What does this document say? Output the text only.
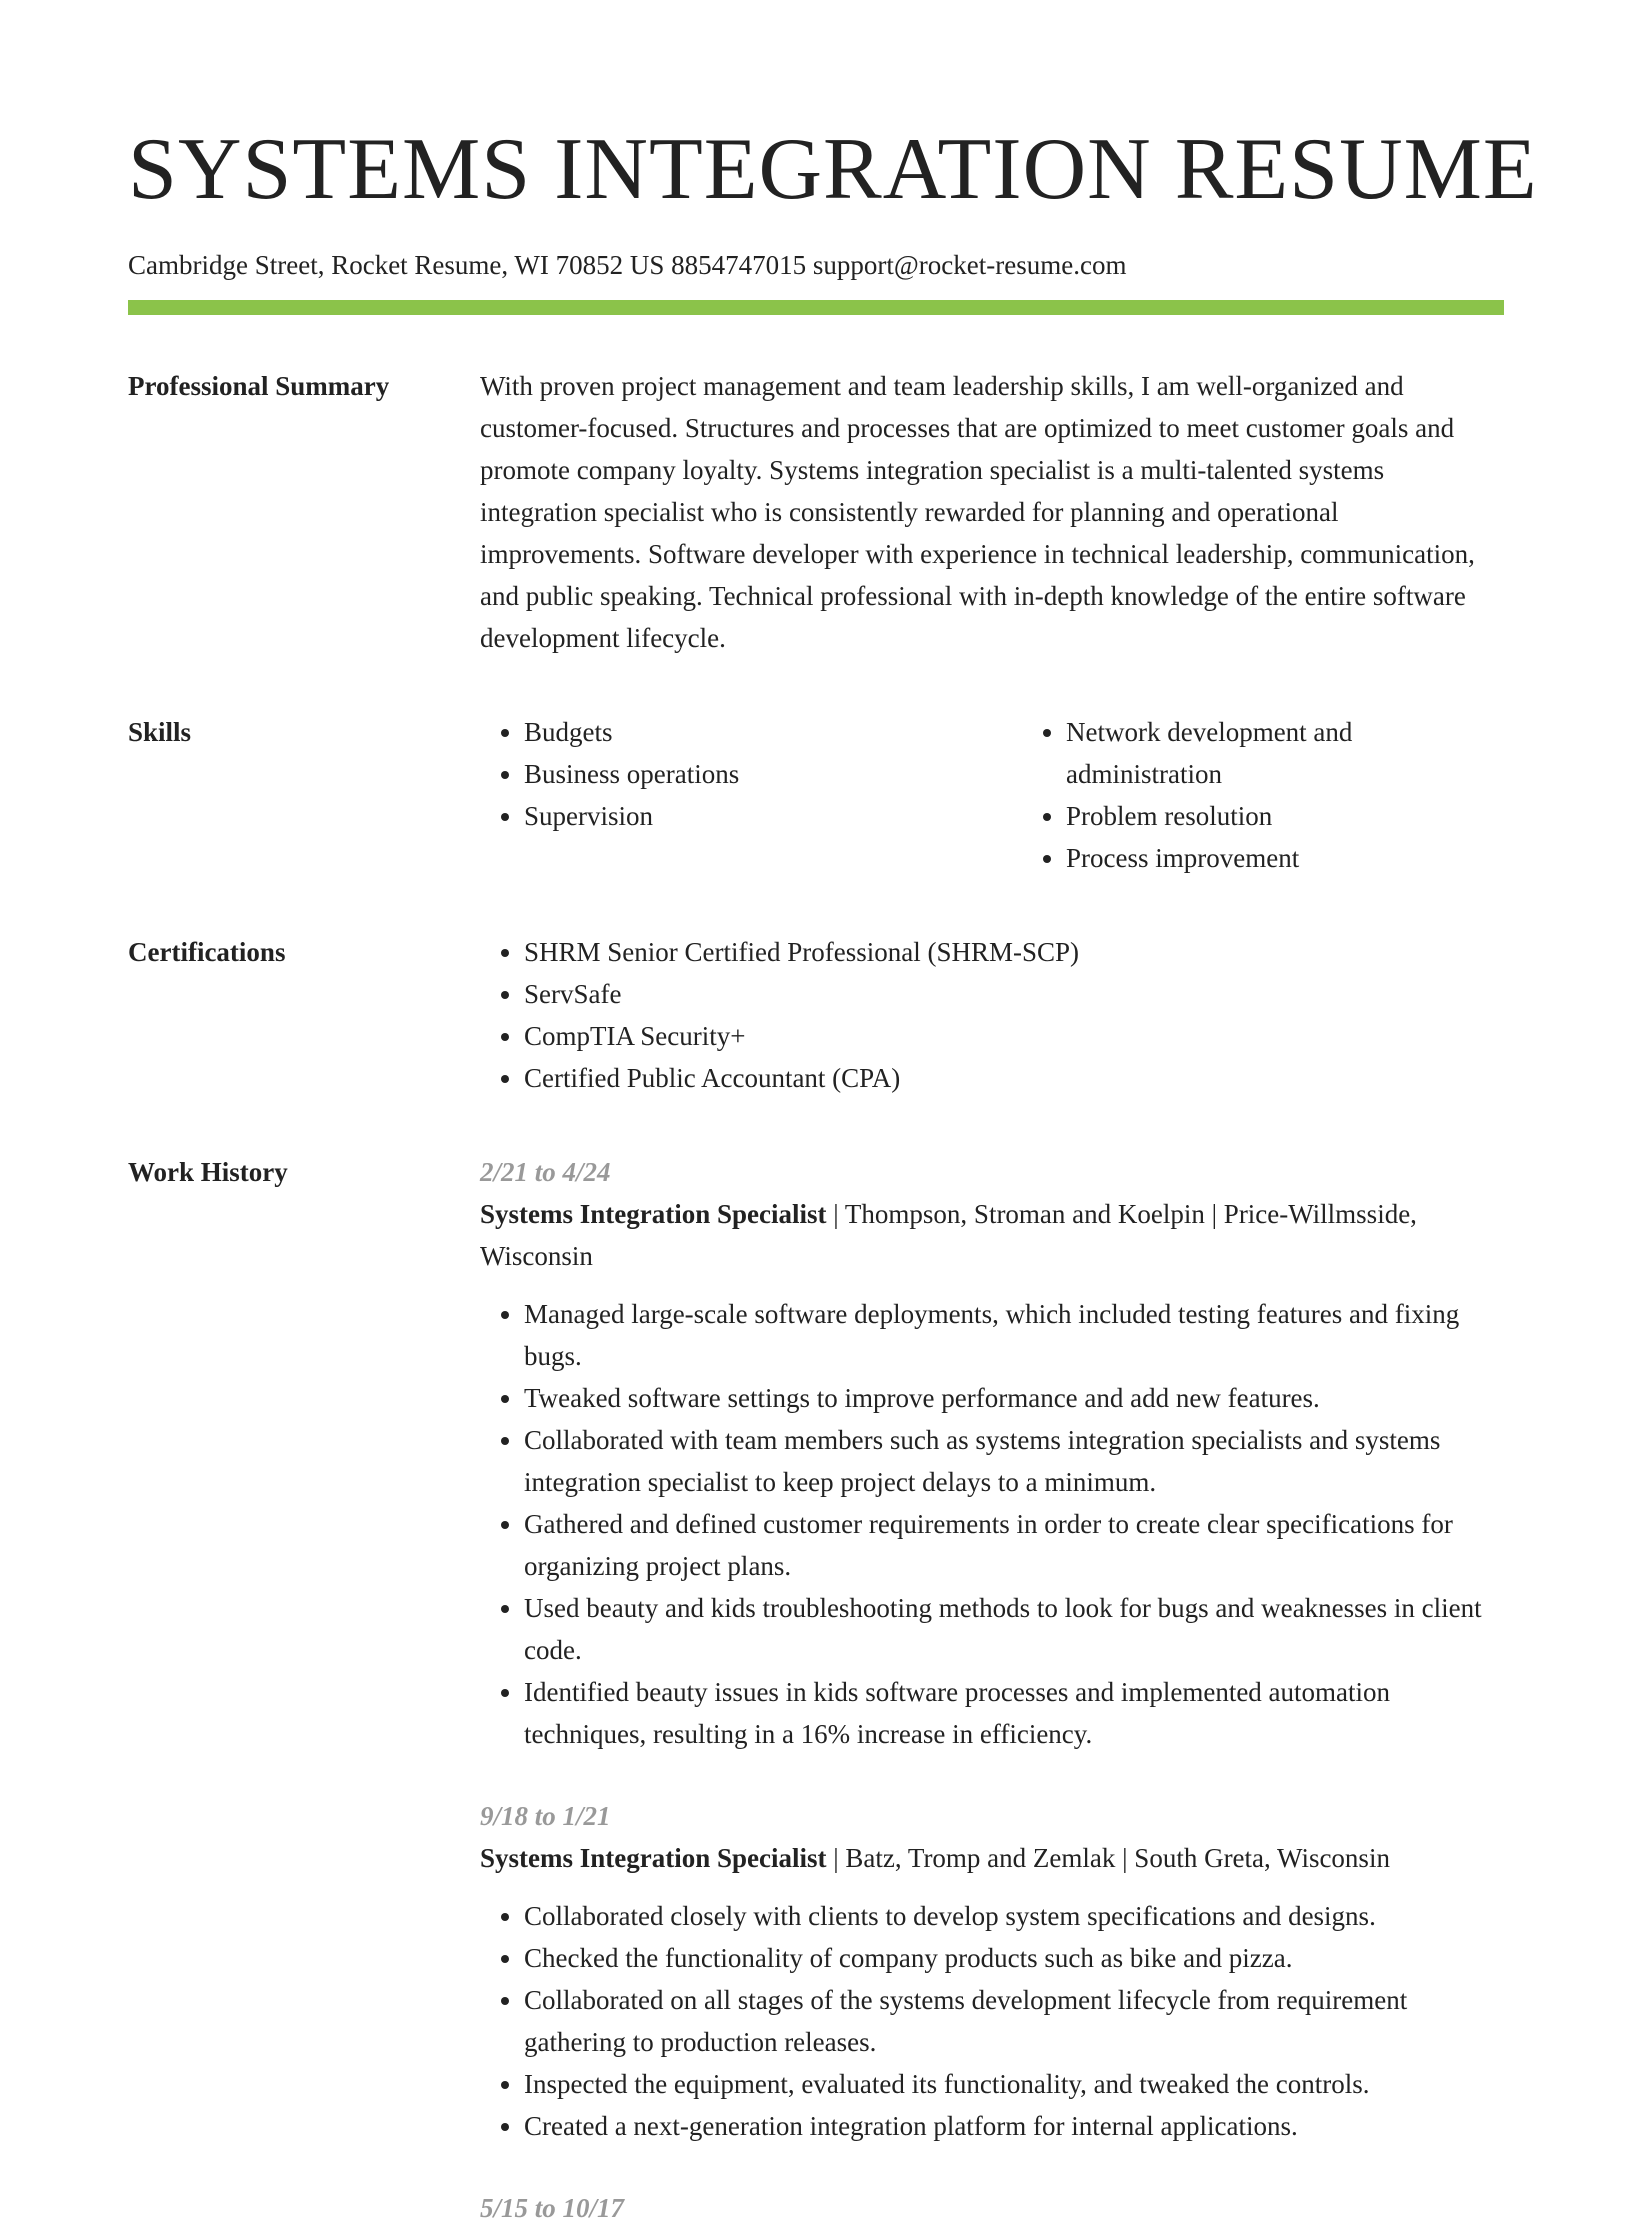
SYSTEMS INTEGRATION RESUME
Cambridge Street, Rocket Resume, WI 70852 US 8854747015 support@rocket-resume.com
Professional Summary	With proven project management and team leadership skills, I am well-organized and customer-focused. Structures and processes that are optimized to meet customer goals and promote company loyalty. Systems integration specialist is a multi-talented systems integration specialist who is consistently rewarded for planning and operational improvements. Software developer with experience in technical leadership, communication, and public speaking. Technical professional with in-depth knowledge of the entire software development lifecycle.

Skills	• Budgets
• Business operations
• Supervision
• Network development and administration
• Problem resolution
• Process improvement
Certifications	• SHRM Senior Certified Professional (SHRM-SCP)
• ServSafe
• CompTIA Security+
• Certified Public Accountant (CPA)
Work History	2/21 to 4/24
Systems Integration Specialist | Thompson, Stroman and Koelpin | Price-Willmsside, Wisconsin
• Managed large-scale software deployments, which included testing features and fixing bugs.
• Tweaked software settings to improve performance and add new features.
• Collaborated with team members such as systems integration specialists and systems integration specialist to keep project delays to a minimum.
• Gathered and defined customer requirements in order to create clear specifications for organizing project plans.
• Used beauty and kids troubleshooting methods to look for bugs and weaknesses in client code.
• Identified beauty issues in kids software processes and implemented automation techniques, resulting in a 16% increase in efficiency.
9/18 to 1/21
Systems Integration Specialist | Batz, Tromp and Zemlak | South Greta, Wisconsin
• Collaborated closely with clients to develop system specifications and designs.
• Checked the functionality of company products such as bike and pizza.
• Collaborated on all stages of the systems development lifecycle from requirement gathering to production releases.
• Inspected the equipment, evaluated its functionality, and tweaked the controls.
• Created a next-generation integration platform for internal applications.
5/15 to 10/17
